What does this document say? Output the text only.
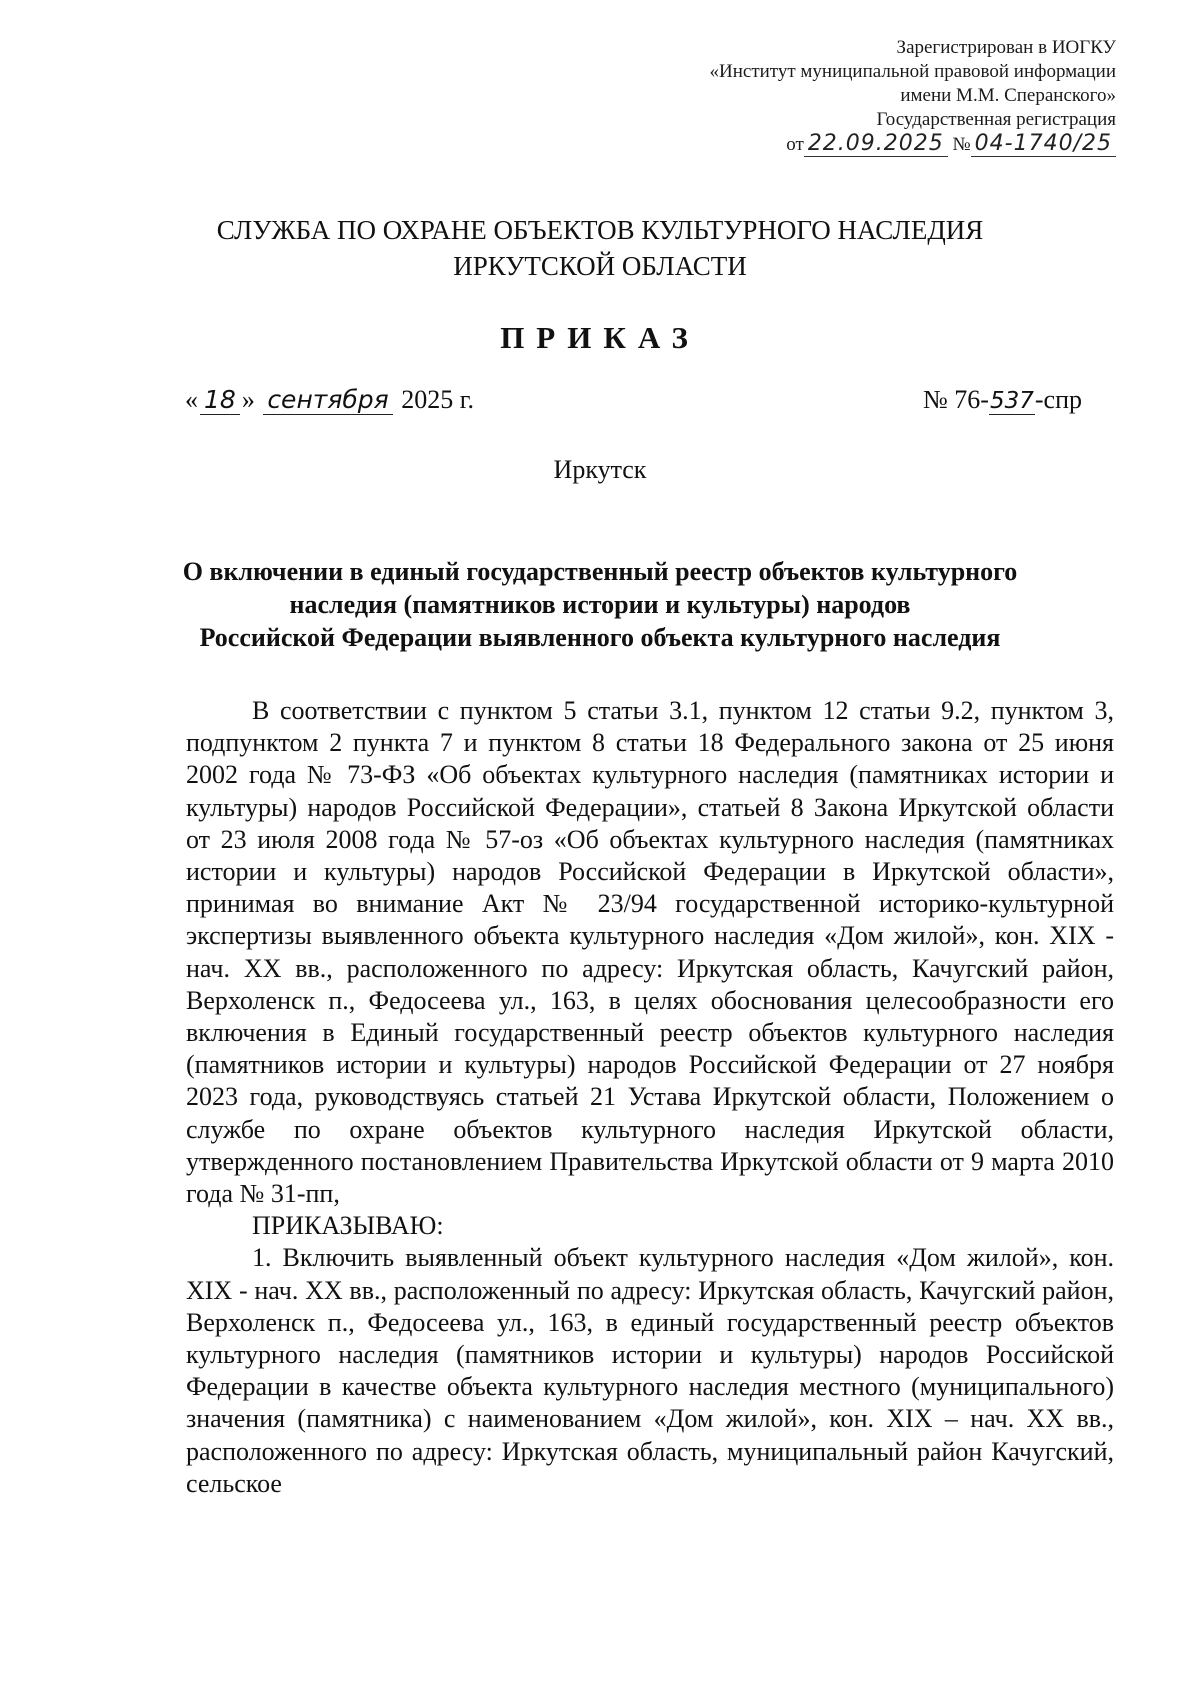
Зарегистрирован в ИОГКУ
«Институт муниципальной правовой информации
имени М.М. Сперанского»
Государственная регистрация
от 22.09.2025 № 04-1740/25
СЛУЖБА ПО ОХРАНЕ ОБЪЕКТОВ КУЛЬТУРНОГО НАСЛЕДИЯ
ИРКУТСКОЙ ОБЛАСТИ
ПРИКАЗ
« 18 » сентября 2025 г.	№ 76-537-спр
Иркутск
О включении в единый государственный реестр объектов культурного
наследия (памятников истории и культуры) народов
Российской Федерации выявленного объекта культурного наследия

В соответствии с пунктом 5 статьи 3.1, пунктом 12 статьи 9.2, пунктом 3, подпунктом 2 пункта 7 и пунктом 8 статьи 18 Федерального закона от 25 июня 2002 года № 73-ФЗ «Об объектах культурного наследия (памятниках истории и культуры) народов Российской Федерации», статьей 8 Закона Иркутской области от 23 июля 2008 года № 57-оз «Об объектах культурного наследия (памятниках истории и культуры) народов Российской Федерации в Иркутской области», принимая во внимание Акт № 23/94 государственной историко-культурной экспертизы выявленного объекта культурного наследия «Дом жилой», кон. XIX - нач. XX вв., расположенного по адресу: Иркутская область, Качугский район, Верхоленск п., Федосеева ул., 163, в целях обоснования целесообразности его включения в Единый государственный реестр объектов культурного наследия (памятников истории и культуры) народов Российской Федерации от 27 ноября 2023 года, руководствуясь статьей 21 Устава Иркутской области, Положением о службе по охране объектов культурного наследия Иркутской области, утвержденного постановлением Правительства Иркутской области от 9 марта 2010 года № 31-пп,

ПРИКАЗЫВАЮ:

1. Включить выявленный объект культурного наследия «Дом жилой», кон. XIX - нач. XX вв., расположенный по адресу: Иркутская область, Качугский район, Верхоленск п., Федосеева ул., 163, в единый государственный реестр объектов культурного наследия (памятников истории и культуры) народов Российской Федерации в качестве объекта культурного наследия местного (муниципального) значения (памятника) с наименованием «Дом жилой», кон. XIX – нач. XX вв., расположенного по адресу: Иркутская область, муниципальный район Качугский, сельское
